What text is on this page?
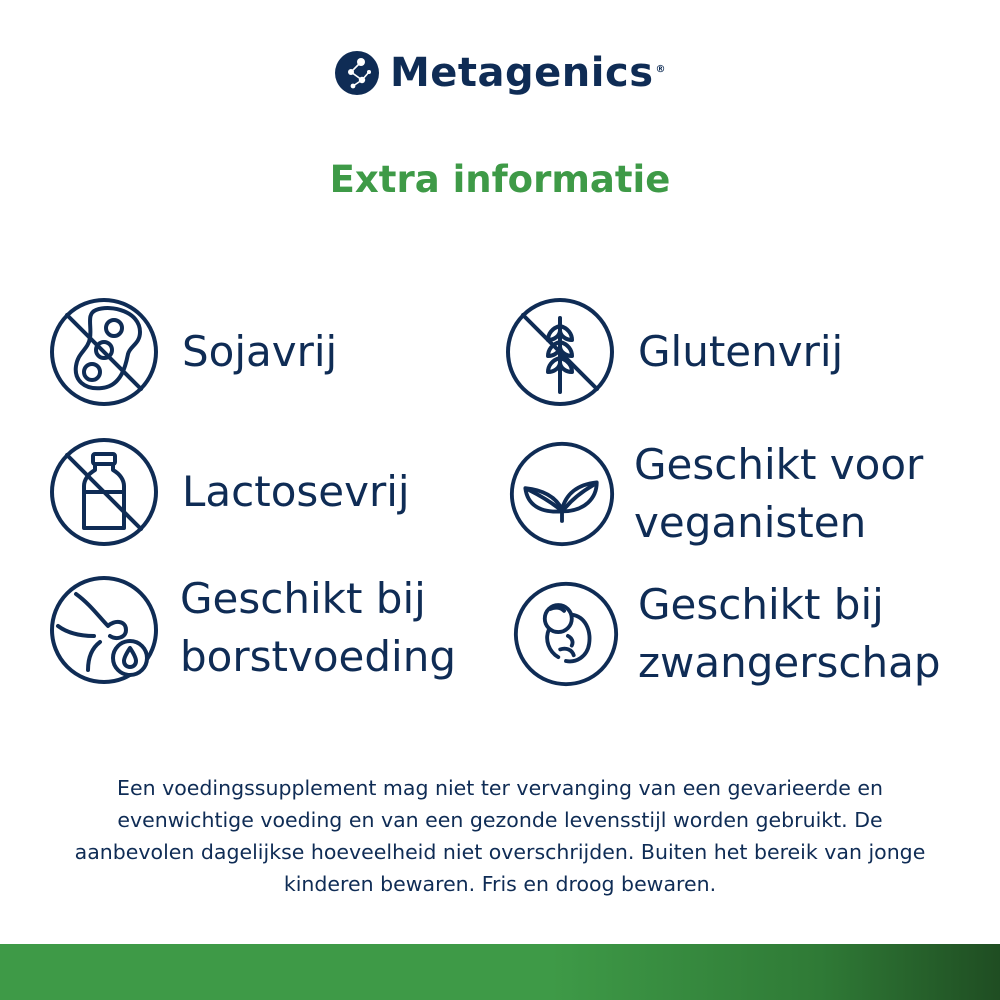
Metagenics ®
Extra informatie
Sojavrij	Glutenvrij
Lactosevrij
Geschikt voor
veganisten
Geschikt bij
borstvoeding
Geschikt bij
zwangerschap
Een voedingssupplement mag niet ter vervanging van een gevarieerde en evenwichtige voeding en van een gezonde levensstijl worden gebruikt. De aanbevolen dagelijkse hoeveelheid niet overschrijden. Buiten het bereik van jonge kinderen bewaren. Fris en droog bewaren.
